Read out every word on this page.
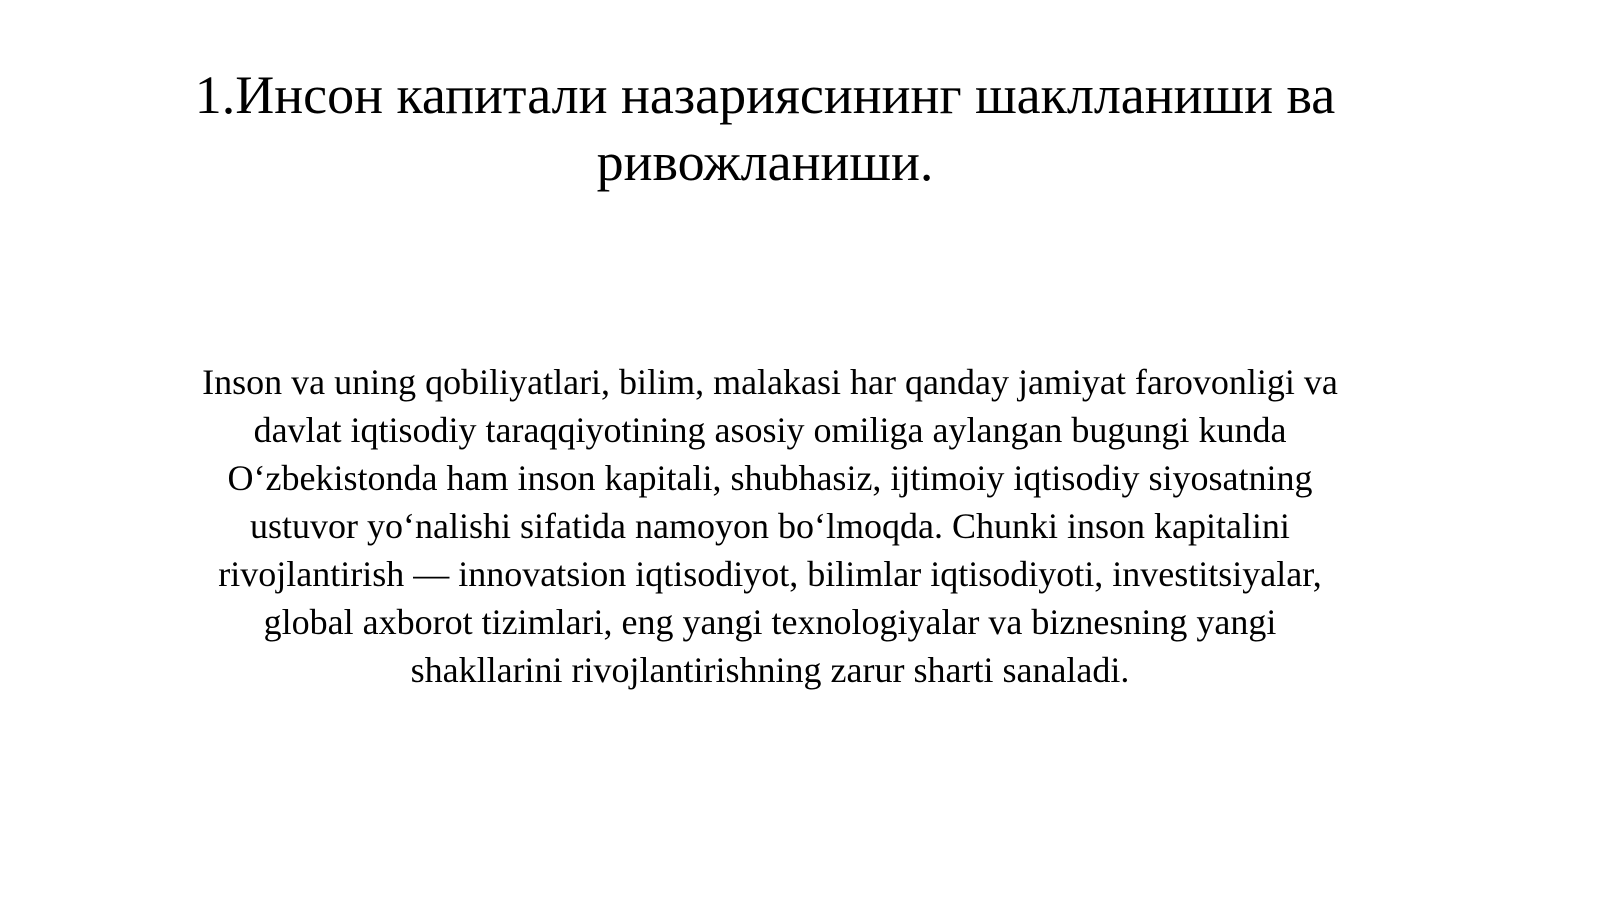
1.Инсон капитали назариясининг шаклланиши ва
ривожланиши.
Inson va uning qobiliyatlari, bilim, malakasi har qanday jamiyat farovonligi va
davlat iqtisodiy taraqqiyotining asosiy omiliga aylangan bugungi kunda
O‘zbekistonda ham inson kapitali, shubhasiz, ijtimoiy iqtisodiy siyosatning
ustuvor yo‘nalishi sifatida namoyon bo‘lmoqda. Chunki inson kapitalini
rivojlantirish — innovatsion iqtisodiyot, bilimlar iqtisodiyoti, investitsiyalar,
global axborot tizimlari, eng yangi texnologiyalar va biznesning yangi
shakllarini rivojlantirishning zarur sharti sanaladi.
